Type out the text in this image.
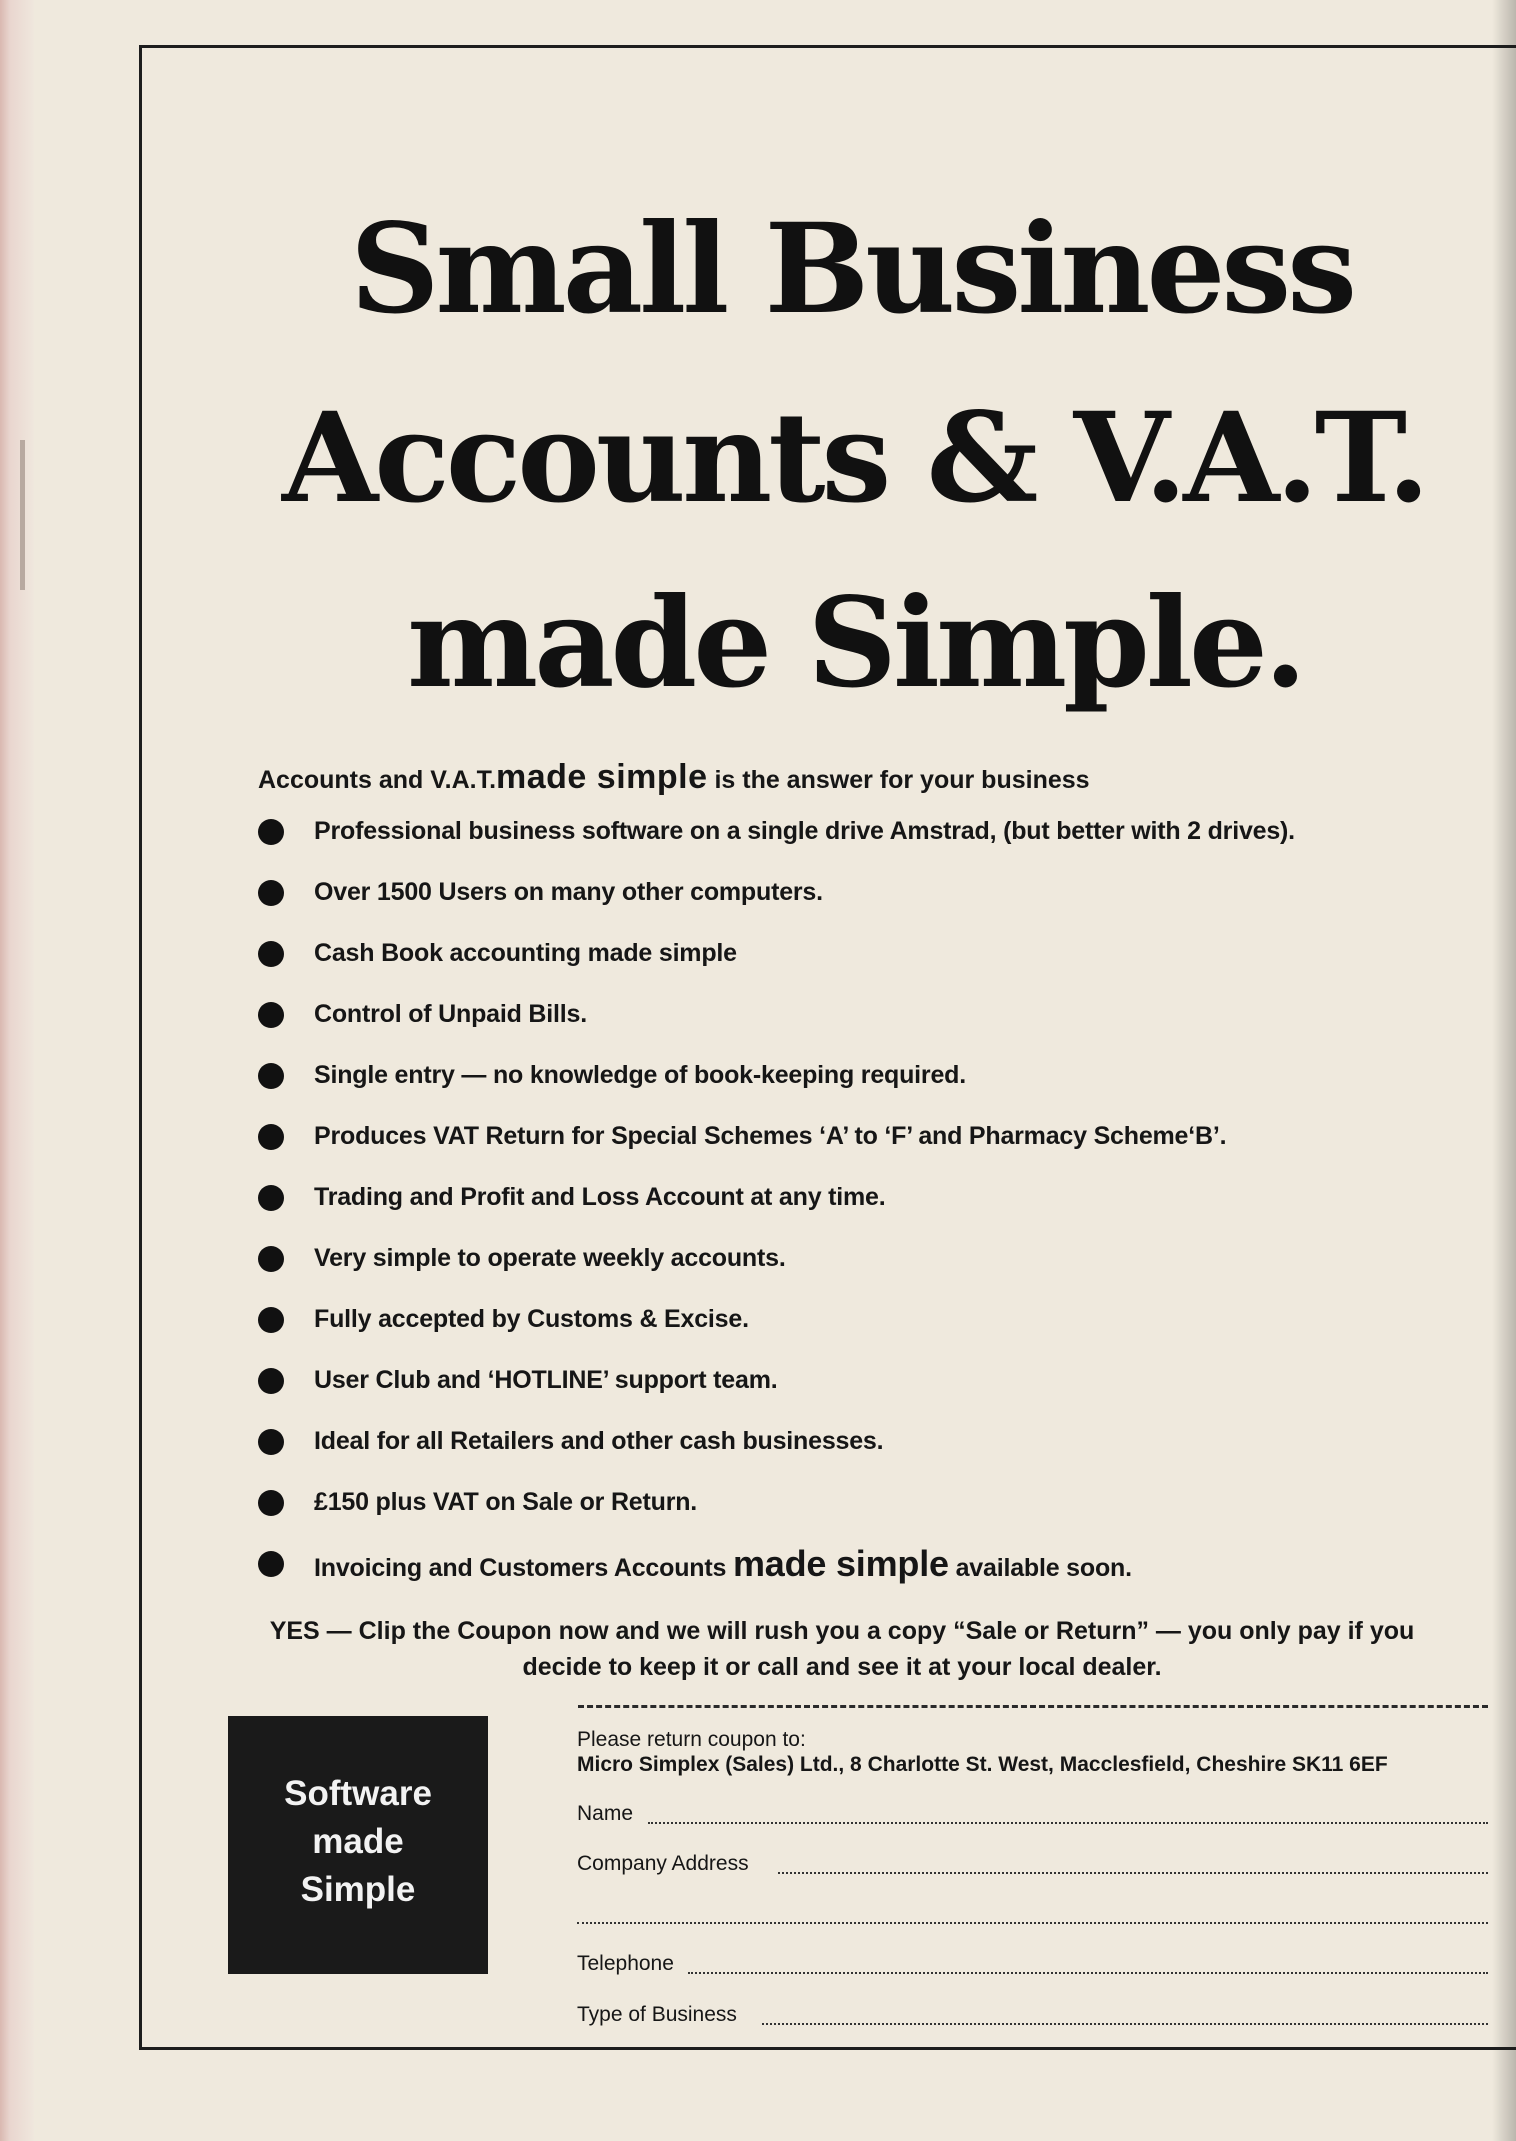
Small Business
Accounts & V.A.T.
made Simple.
Accounts and V.A.T.made simple is the answer for your business
Professional business software on a single drive Amstrad, (but better with 2 drives).
Over 1500 Users on many other computers.
Cash Book accounting made simple
Control of Unpaid Bills.
Single entry — no knowledge of book-keeping required.
Produces VAT Return for Special Schemes ‘A’ to ‘F’ and Pharmacy Scheme‘B’.
Trading and Profit and Loss Account at any time.
Very simple to operate weekly accounts.
Fully accepted by Customs & Excise.
User Club and ‘HOTLINE’ support team.
Ideal for all Retailers and other cash businesses.
£150 plus VAT on Sale or Return.
Invoicing and Customers Accounts made simple available soon.
YES — Clip the Coupon now and we will rush you a copy “Sale or Return” — you only pay if you
decide to keep it or call and see it at your local dealer.
Software
made
Simple
Please return coupon to:
Micro Simplex (Sales) Ltd., 8 Charlotte St. West, Macclesfield, Cheshire SK11 6EF
Name
Company Address
Telephone
Type of Business
